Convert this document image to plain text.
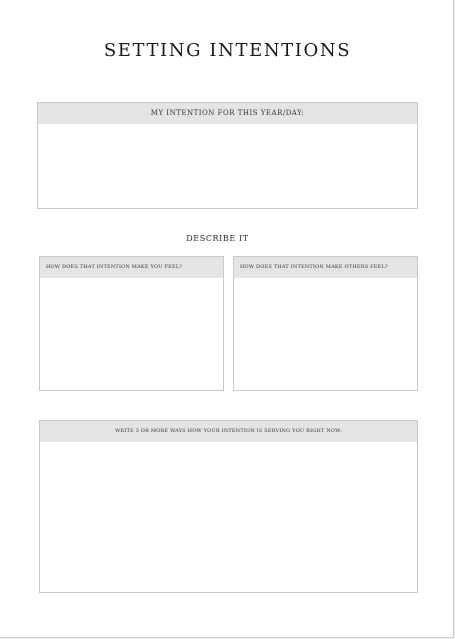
SETTING INTENTIONS
MY INTENTION FOR THIS YEAR/DAY:
DESCRIBE IT
HOW DOES THAT INTENTION MAKE YOU FEEL?	HOW DOES THAT INTENTION MAKE OTHERS FEEL?
WRITE 3 OR MORE WAYS HOW YOUR INTENTION IS SERVING YOU RIGHT NOW:
